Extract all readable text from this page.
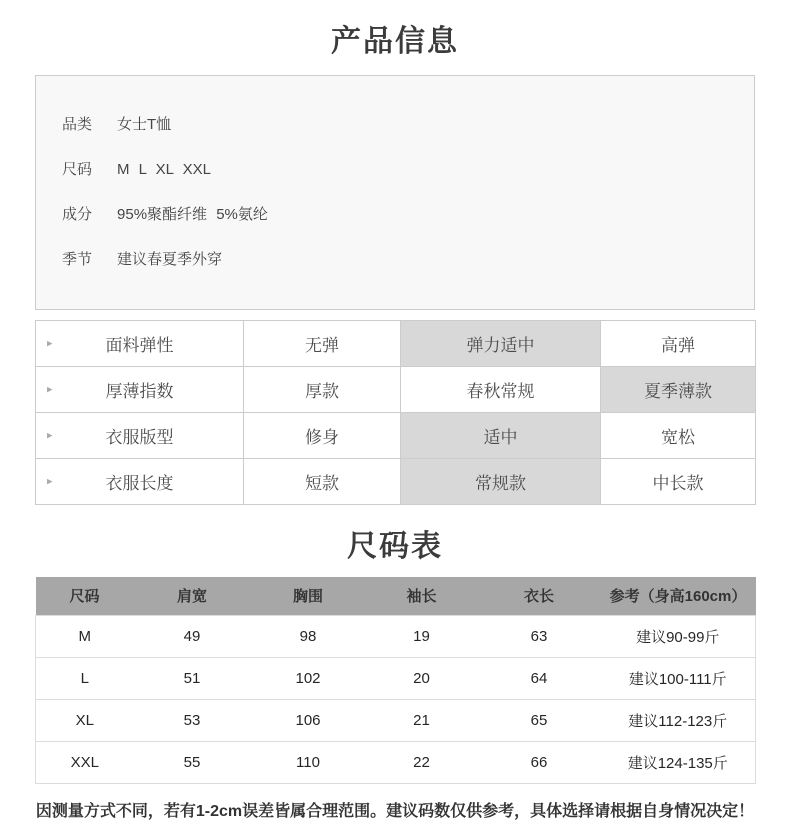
产品信息
品类 女士T恤
尺码 M L XL XXL
成分 95%聚酯纤维 5%氨纶
季节 建议春夏季外穿
▸ 面料弹性	无弹	弹力适中	高弹

▸ 厚薄指数	厚款	春秋常规	夏季薄款

▸ 衣服版型	修身	适中	宽松

▸ 衣服长度	短款	常规款	中长款
尺码表
尺码	肩宽	胸围	袖长	衣长	参考（身高160cm）
M	49	98	19	63	建议90-99斤
L	51	102	20	64	建议100-111斤
XL	53	106	21	65	建议112-123斤
XXL	55	110	22	66	建议124-135斤
因测量方式不同，若有1-2cm误差皆属合理范围。建议码数仅供参考，具体选择请根据自身情况决定！
